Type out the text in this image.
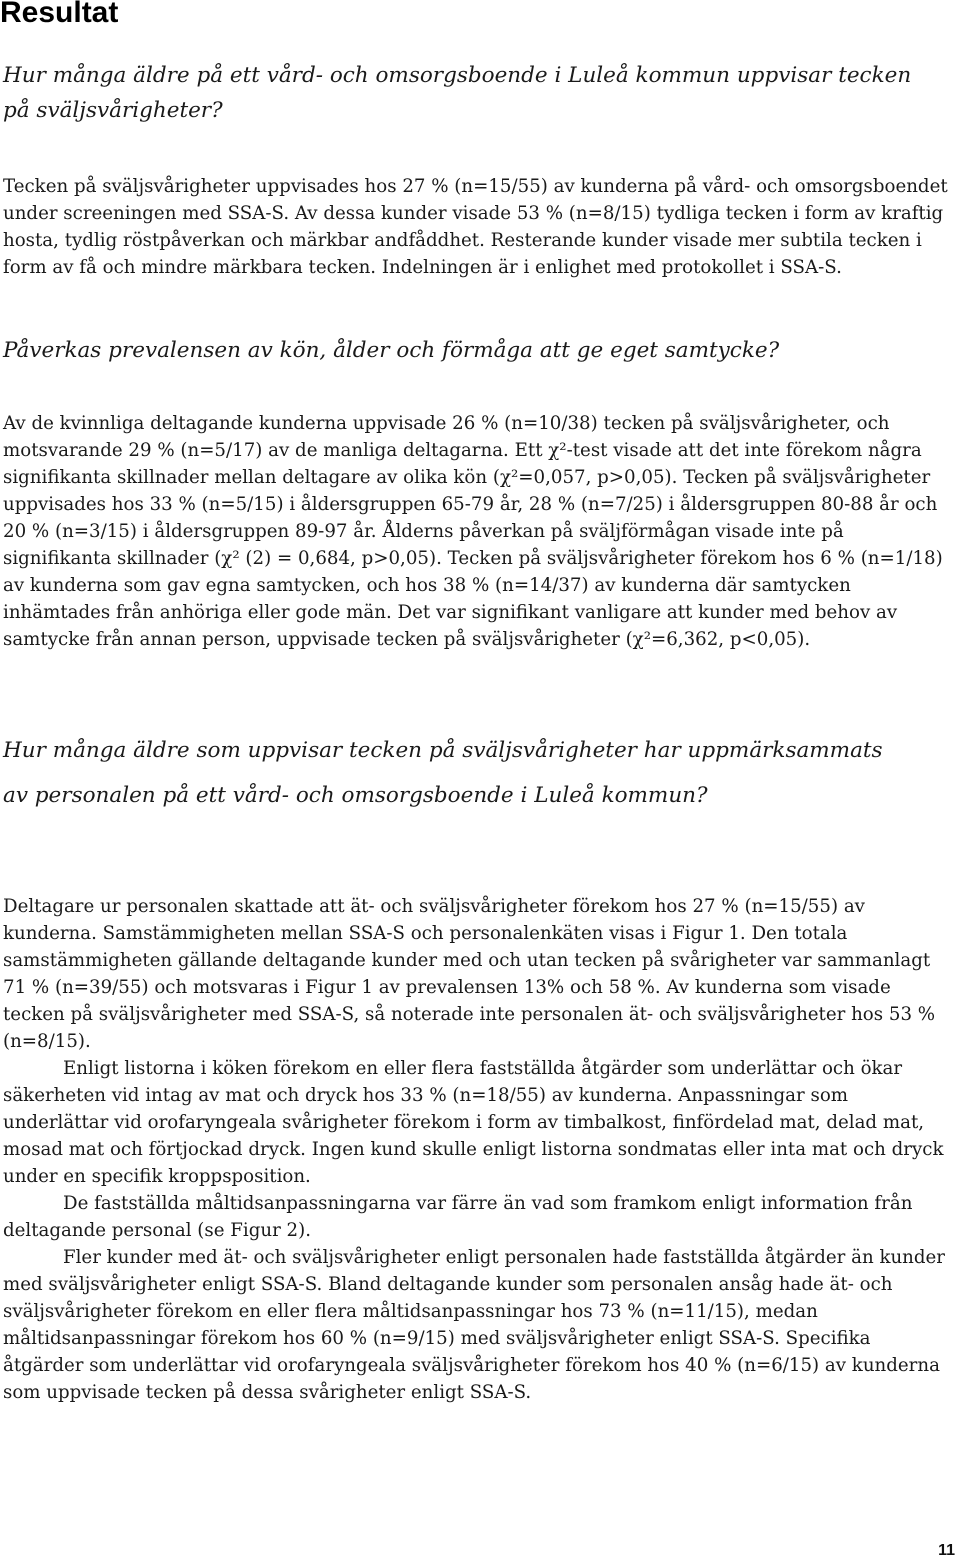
Resultat

Hur många äldre på ett vård- och omsorgsboende i Luleå kommun uppvisar tecken på sväljsvårigheter?

Tecken på sväljsvårigheter uppvisades hos 27 % (n=15/55) av kunderna på vård- och omsorgsboendet under screeningen med SSA-S. Av dessa kunder visade 53 % (n=8/15) tydliga tecken i form av kraftig hosta, tydlig röstpåverkan och märkbar andfåddhet. Resterande kunder visade mer subtila tecken i form av få och mindre märkbara tecken. Indelningen är i enlighet med protokollet i SSA-S.

Påverkas prevalensen av kön, ålder och förmåga att ge eget samtycke?

Av de kvinnliga deltagande kunderna uppvisade 26 % (n=10/38) tecken på sväljsvårigheter, och motsvarande 29 % (n=5/17) av de manliga deltagarna. Ett χ²-test visade att det inte förekom några signifikanta skillnader mellan deltagare av olika kön (χ²=0,057, p>0,05). Tecken på sväljsvårigheter uppvisades hos 33 % (n=5/15) i åldersgruppen 65-79 år, 28 % (n=7/25) i åldersgruppen 80-88 år och 20 % (n=3/15) i åldersgruppen 89-97 år. Ålderns påverkan på sväljförmågan visade inte på signifikanta skillnader (χ² (2) = 0,684, p>0,05). Tecken på sväljsvårigheter förekom hos 6 % (n=1/18) av kunderna som gav egna samtycken, och hos 38 % (n=14/37) av kunderna där samtycken inhämtades från anhöriga eller gode män. Det var signifikant vanligare att kunder med behov av samtycke från annan person, uppvisade tecken på sväljsvårigheter (χ²=6,362, p<0,05).

Hur många äldre som uppvisar tecken på sväljsvårigheter har uppmärksammats av personalen på ett vård- och omsorgsboende i Luleå kommun?

Deltagare ur personalen skattade att ät- och sväljsvårigheter förekom hos 27 % (n=15/55) av kunderna. Samstämmigheten mellan SSA-S och personalenkäten visas i Figur 1. Den totala samstämmigheten gällande deltagande kunder med och utan tecken på svårigheter var sammanlagt 71 % (n=39/55) och motsvaras i Figur 1 av prevalensen 13% och 58 %. Av kunderna som visade tecken på sväljsvårigheter med SSA-S, så noterade inte personalen ät- och sväljsvårigheter hos 53 % (n=8/15).
Enligt listorna i köken förekom en eller flera fastställda åtgärder som underlättar och ökar säkerheten vid intag av mat och dryck hos 33 % (n=18/55) av kunderna. Anpassningar som underlättar vid orofaryngeala svårigheter förekom i form av timbalkost, finfördelad mat, delad mat, mosad mat och förtjockad dryck. Ingen kund skulle enligt listorna sondmatas eller inta mat och dryck under en specifik kroppsposition.
De fastställda måltidsanpassningarna var färre än vad som framkom enligt information från deltagande personal (se Figur 2).
Fler kunder med ät- och sväljsvårigheter enligt personalen hade fastställda åtgärder än kunder med sväljsvårigheter enligt SSA-S. Bland deltagande kunder som personalen ansåg hade ät- och sväljsvårigheter förekom en eller flera måltidsanpassningar hos 73 % (n=11/15), medan måltidsanpassningar förekom hos 60 % (n=9/15) med sväljsvårigheter enligt SSA-S. Specifika åtgärder som underlättar vid orofaryngeala sväljsvårigheter förekom hos 40 % (n=6/15) av kunderna som uppvisade tecken på dessa svårigheter enligt SSA-S.

11
